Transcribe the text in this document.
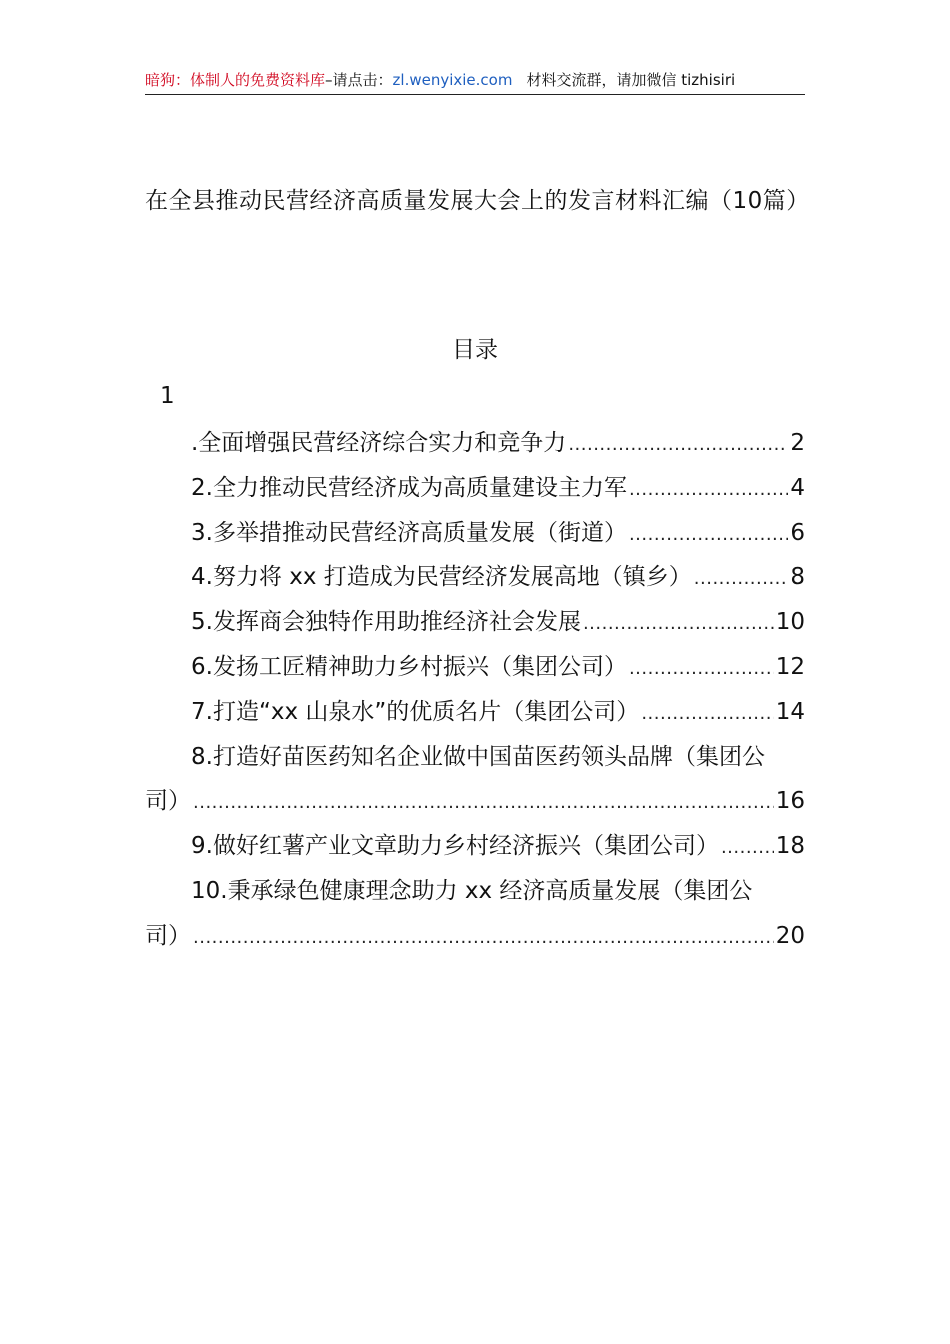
暗狗：体制人的免费资料库–请点击：zl.wenyixie.com 材料交流群，请加微信 tizhisiri
在全县推动民营经济高质量发展大会上的发言材料汇编（10篇）
目录
1
.全面增强民营经济综合实力和竞争力 .....	2
2.全力推动民营经济成为高质量建设主力军 .....	4
3.多举措推动民营经济高质量发展（街道） .....	6
4.努力将 xx 打造成为民营经济发展高地（镇乡） .....	8
5.发挥商会独特作用助推经济社会发展 .....	10
6.发扬工匠精神助力乡村振兴（集团公司） .....	12
7.打造“xx 山泉水”的优质名片（集团公司） .....	14
8.打造好苗医药知名企业做中国苗医药领头品牌（集团公
司） .....	16
9.做好红薯产业文章助力乡村经济振兴（集团公司） ..... 18
10.秉承绿色健康理念助力 xx 经济高质量发展（集团公
司） .....	20
